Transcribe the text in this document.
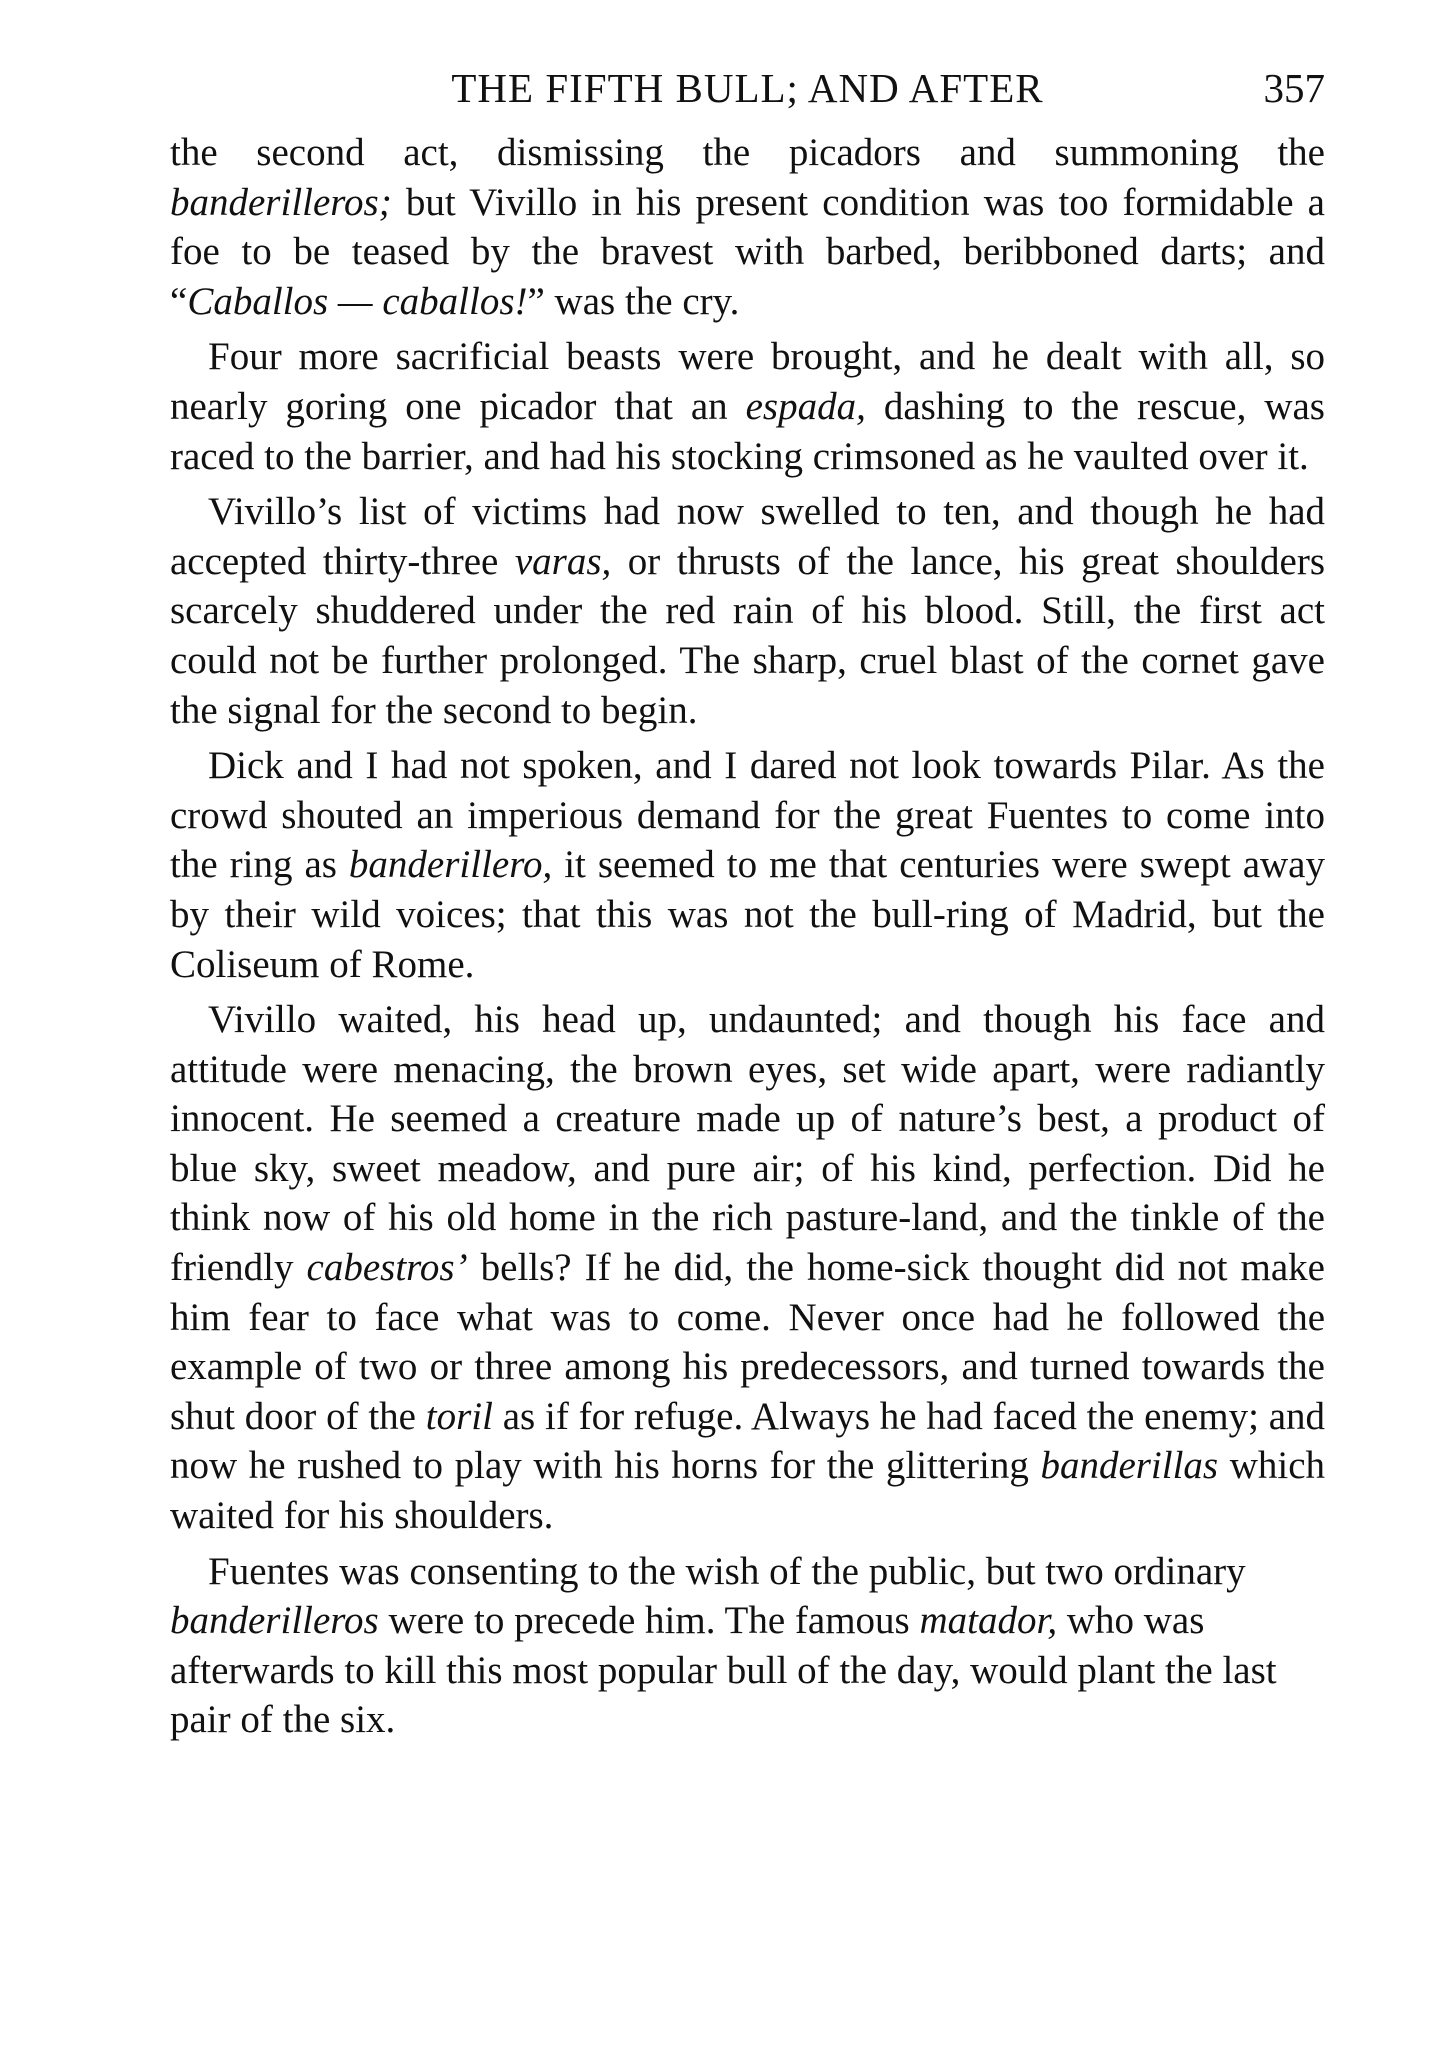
THE FIFTH BULL; AND AFTER	357

the second act, dismissing the picadors and summoning the banderilleros; but Vivillo in his present condition was too formidable a foe to be teased by the bravest with barbed, beribboned darts; and “Caballos — caballos!” was the cry.

Four more sacrificial beasts were brought, and he dealt with all, so nearly goring one picador that an espada, dashing to the rescue, was raced to the barrier, and had his stocking crimsoned as he vaulted over it.

Vivillo’s list of victims had now swelled to ten, and though he had accepted thirty-three varas, or thrusts of the lance, his great shoulders scarcely shuddered under the red rain of his blood. Still, the first act could not be further prolonged. The sharp, cruel blast of the cornet gave the signal for the second to begin.

Dick and I had not spoken, and I dared not look towards Pilar. As the crowd shouted an imperious demand for the great Fuentes to come into the ring as banderillero, it seemed to me that centuries were swept away by their wild voices; that this was not the bull-ring of Madrid, but the Coliseum of Rome.

Vivillo waited, his head up, undaunted; and though his face and attitude were menacing, the brown eyes, set wide apart, were radiantly innocent. He seemed a creature made up of nature’s best, a product of blue sky, sweet meadow, and pure air; of his kind, perfection. Did he think now of his old home in the rich pasture-land, and the tinkle of the friendly cabestros’ bells? If he did, the home-sick thought did not make him fear to face what was to come. Never once had he followed the example of two or three among his predecessors, and turned towards the shut door of the toril as if for refuge. Always he had faced the enemy; and now he rushed to play with his horns for the glittering banderillas which waited for his shoulders.

Fuentes was consenting to the wish of the public, but two ordinary banderilleros were to precede him. The famous matador, who was afterwards to kill this most popular bull of the day, would plant the last pair of the six.
